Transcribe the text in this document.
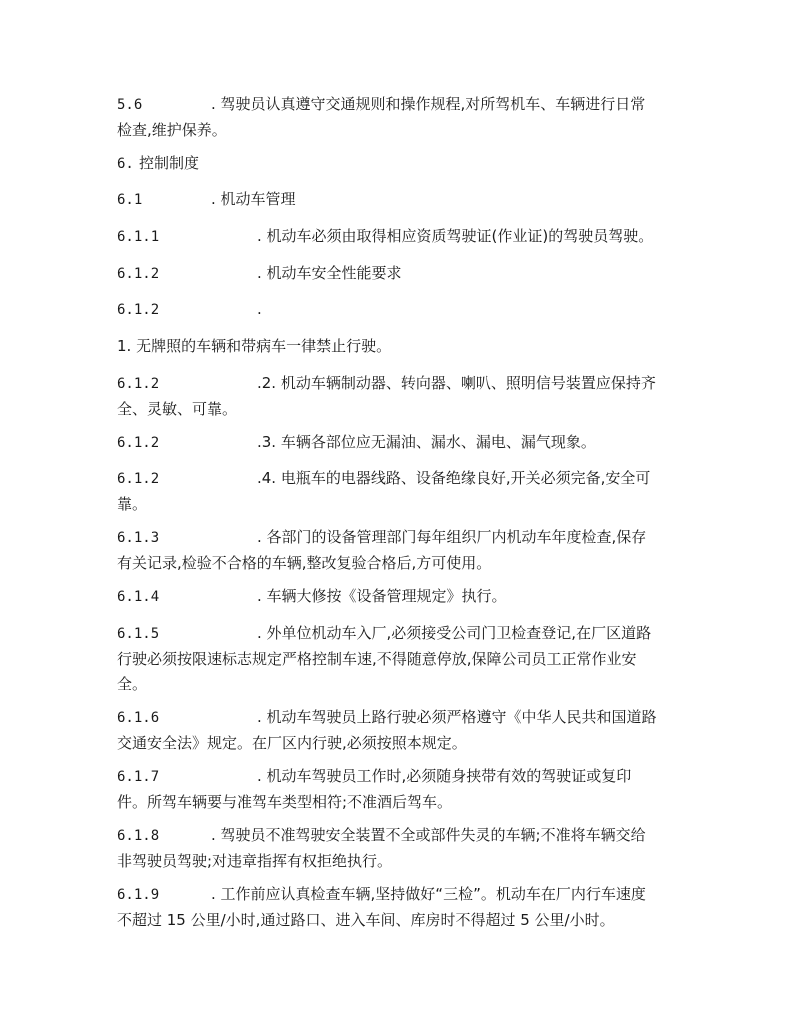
5.6	. 驾驶员认真遵守交通规则和操作规程,对所驾机车、车辆进行日常
检查,维护保养。
6. 控制制度
6.1	. 机动车管理
6.1.1	. 机动车必须由取得相应资质驾驶证(作业证)的驾驶员驾驶。
6.1.2	. 机动车安全性能要求
6.1.2	.
1. 无牌照的车辆和带病车一律禁止行驶。
6.1.2	.2. 机动车辆制动器、转向器、喇叭、照明信号装置应保持齐
全、灵敏、可靠。
6.1.2	.3. 车辆各部位应无漏油、漏水、漏电、漏气现象。
6.1.2	.4. 电瓶车的电器线路、设备绝缘良好,开关必须完备,安全可
靠。
6.1.3	. 各部门的设备管理部门每年组织厂内机动车年度检查,保存
有关记录,检验不合格的车辆,整改复验合格后,方可使用。
6.1.4	. 车辆大修按《设备管理规定》执行。
6.1.5	. 外单位机动车入厂,必须接受公司门卫检查登记,在厂区道路
行驶必须按限速标志规定严格控制车速,不得随意停放,保障公司员工正常作业安
全。
6.1.6	. 机动车驾驶员上路行驶必须严格遵守《中华人民共和国道路
交通安全法》规定。在厂区内行驶,必须按照本规定。
6.1.7	. 机动车驾驶员工作时,必须随身挟带有效的驾驶证或复印
件。所驾车辆要与准驾车类型相符;不准酒后驾车。
6.1.8	. 驾驶员不准驾驶安全装置不全或部件失灵的车辆;不准将车辆交给
非驾驶员驾驶;对违章指挥有权拒绝执行。
6.1.9	. 工作前应认真检查车辆,坚持做好“三检”。机动车在厂内行车速度
不超过 15 公里/小时,通过路口、进入车间、库房时不得超过 5 公里/小时。
